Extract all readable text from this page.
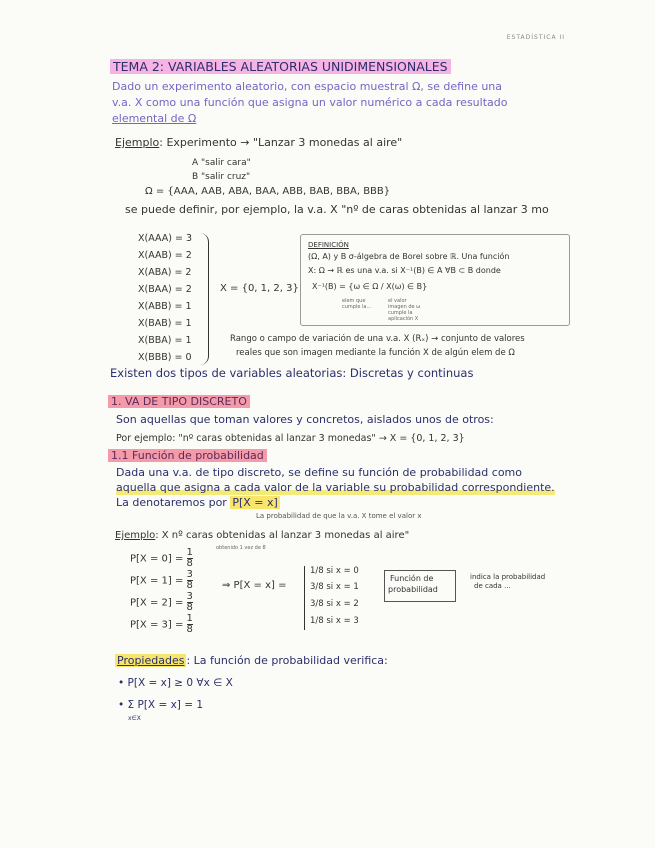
ESTADÍSTICA II
TEMA 2: VARIABLES ALEATORIAS UNIDIMENSIONALES
Dado un experimento aleatorio, con espacio muestral Ω, se define una
v.a. X como una función que asigna un valor numérico a cada resultado
elemental de Ω
Ejemplo: Experimento → "Lanzar 3 monedas al aire"
A "salir cara"
B "salir cruz"
Ω = {AAA, AAB, ABA, BAA, ABB, BAB, BBA, BBB}
se puede definir, por ejemplo, la v.a. X "nº de caras obtenidas al lanzar 3 mo
X(AAA) = 3
X(AAB) = 2
X(ABA) = 2
X(BAA) = 2
X(ABB) = 1
X(BAB) = 1
X(BBA) = 1
X(BBB) = 0
X = {0, 1, 2, 3}
DEFINICIÓN
(Ω, A) y B σ-álgebra de Borel sobre ℝ. Una función
X: Ω → ℝ es una v.a. si X⁻¹(B) ∈ A ∀B ⊂ B donde
X⁻¹(B) = {ω ∈ Ω / X(ω) ∈ B}
elem que cumple la...
el valor imagen de ω cumple la aplicación X
Rango o campo de variación de una v.a. X (Rₓ) → conjunto de valores
reales que son imagen mediante la función X de algún elem de Ω
Existen dos tipos de variables aleatorias: Discretas y continuas
1. VA DE TIPO DISCRETO
Son aquellas que toman valores y concretos, aislados unos de otros:
Por ejemplo: "nº caras obtenidas al lanzar 3 monedas" → X = {0, 1, 2, 3}
1.1 Función de probabilidad
Dada una v.a. de tipo discreto, se define su función de probabilidad como
aquella que asigna a cada valor de la variable su probabilidad correspondiente.
La denotaremos por P[X = x]
La probabilidad de que la v.a. X tome el valor x
Ejemplo: X nº caras obtenidas al lanzar 3 monedas al aire"
obtenido 1 vez de 8
$P[X = 0] = \frac{1}{8}$
$P[X = 1] = \frac{3}{8}$
$P[X = 2] = \frac{3}{8}$
$P[X = 3] = \frac{1}{8}$
⇒ P[X = x] =
1/8 si x = 0
3/8 si x = 1
3/8 si x = 2
1/8 si x = 3
Función de
probabilidad
indica la probabilidad
de cada ...
Propiedades : La función de probabilidad verifica:
• P[X = x] ≥ 0 ∀x ∈ X
• Σ P[X = x] = 1
x∈X
